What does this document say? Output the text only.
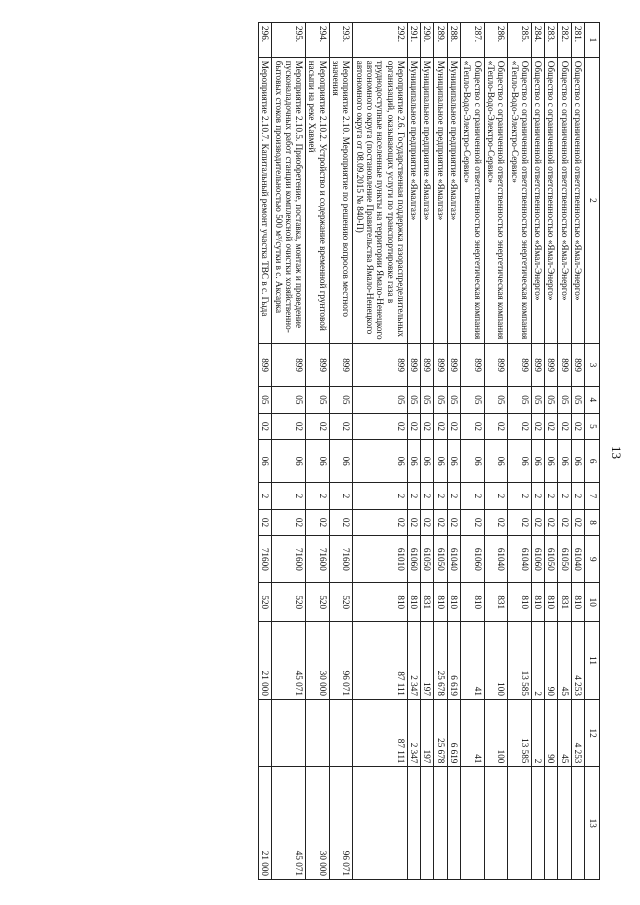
13
1	2	3	4	5	6	7	8	9	10	11	12	13
281.	Общество с ограниченной ответственностью «Ямал-Энерго»	899	05	02	06	2	02	61040	810	4 253	4 253	
282.	Общество с ограниченной ответственностью «Ямал-Энерго»	899	05	02	06	2	02	61050	831	45	45	
283.	Общество с ограниченной ответственностью «Ямал-Энерго»	899	05	02	06	2	02	61050	810	90	90	
284.	Общество с ограниченной ответственностью «Ямал-Энерго»	899	05	02	06	2	02	61060	810	2	2	
285.	Общество с ограниченной ответственностью энергетическая компания «Тепло-Водо-Электро-Сервис»	899	05	02	06	2	02	61040	810	13 585	13 585	
286.	Общество с ограниченной ответственностью энергетическая компания «Тепло-Водо-Электро-Сервис»	899	05	02	06	2	02	61040	831	100	100	
287.	Общество с ограниченной ответственностью энергетическая компания «Тепло-Водо-Электро-Сервис»	899	05	02	06	2	02	61060	810	41	41	
288.	Муниципальное предприятие «Ямалгаз»	899	05	02	06	2	02	61040	810	6 619	6 619	
289.	Муниципальное предприятие «Ямалгаз»	899	05	02	06	2	02	61050	810	25 678	25 678	
290.	Муниципальное предприятие «Ямалгаз»	899	05	02	06	2	02	61050	831	197	197	
291.	Муниципальное предприятие «Ямалгаз»	899	05	02	06	2	02	61060	810	2 347	2 347	
292.	Мероприятие 2.6. Государственная поддержка газораспределительных организаций, оказывающих услуги по транспортировке газа в труднодоступные населенные пункты на территории Ямало-Ненецкого автономного округа (постановление Правительства Ямало-Ненецкого автономного округа от 08.09.2015 № 840-П)	899	05	02	06	2	02	61010	810	87 111	87 111	
293.	Мероприятие 2.10. Мероприятие по решению вопросов местного значения	899	05	02	06	2	02	71600	520	96 071		96 071
294.	Мероприятие 2.10.2. Устройство и содержание временной грунтовой насыпи на реке Хавмей	899	05	02	06	2	02	71600	520	30 000		30 000
295.	Мероприятие 2.10.5. Приобретение, поставка, монтаж и проведение пусконаладочных работ станции комплексной очистки хозяйственно-бытовых стоков производительностью 500 м³/сутки в с. Аксарка	899	05	02	06	2	02	71600	520	45 071		45 071
296.	Мероприятие 2.10.7. Капитальный ремонт участка ТВС в с. Гыда	899	05	02	06	2	02	71600	520	21 000		21 000
